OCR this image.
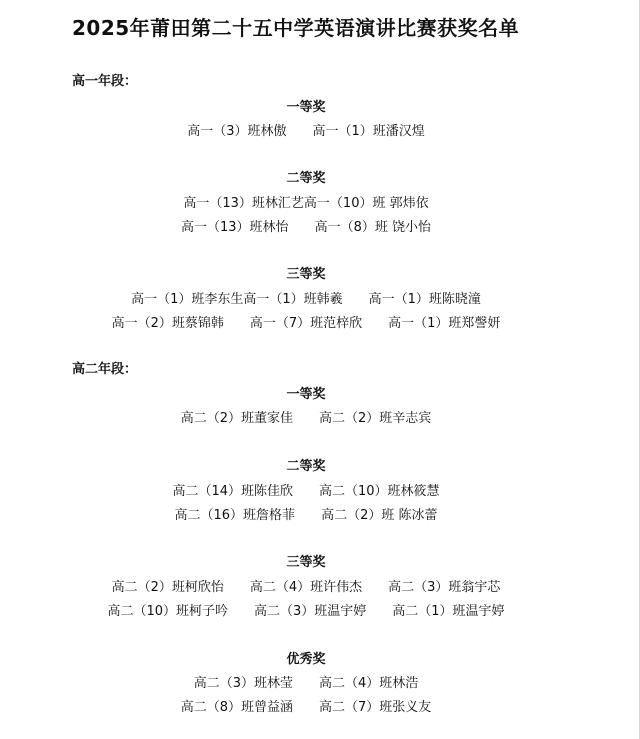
2025年莆田第二十五中学英语演讲比赛获奖名单
高一年段：
一等奖
高一（3）班林傲 高一（1）班潘汉煌
二等奖
高一（13）班林汇艺高一（10）班 郭炜依
高一（13）班林怡 高一（8）班 饶小怡
三等奖
高一（1）班李东生高一（1）班韩羲 高一（1）班陈晓潼
高一（2）班蔡锦韩 高一（7）班范梓欣 高一（1）班郑謦妍
高二年段：
一等奖
高二（2）班董家佳 高二（2）班辛志宾
二等奖
高二（14）班陈佳欣 高二（10）班林筱慧
高二（16）班詹格菲 高二（2）班 陈冰蕾
三等奖
高二（2）班柯欣怡 高二（4）班许伟杰 高二（3）班翁宇芯
高二（10）班柯子吟 高二（3）班温宇婷 高二（1）班温宇婷
优秀奖
高二（3）班林莹 高二（4）班林浩
高二（8）班曾益涵 高二（7）班张义友
